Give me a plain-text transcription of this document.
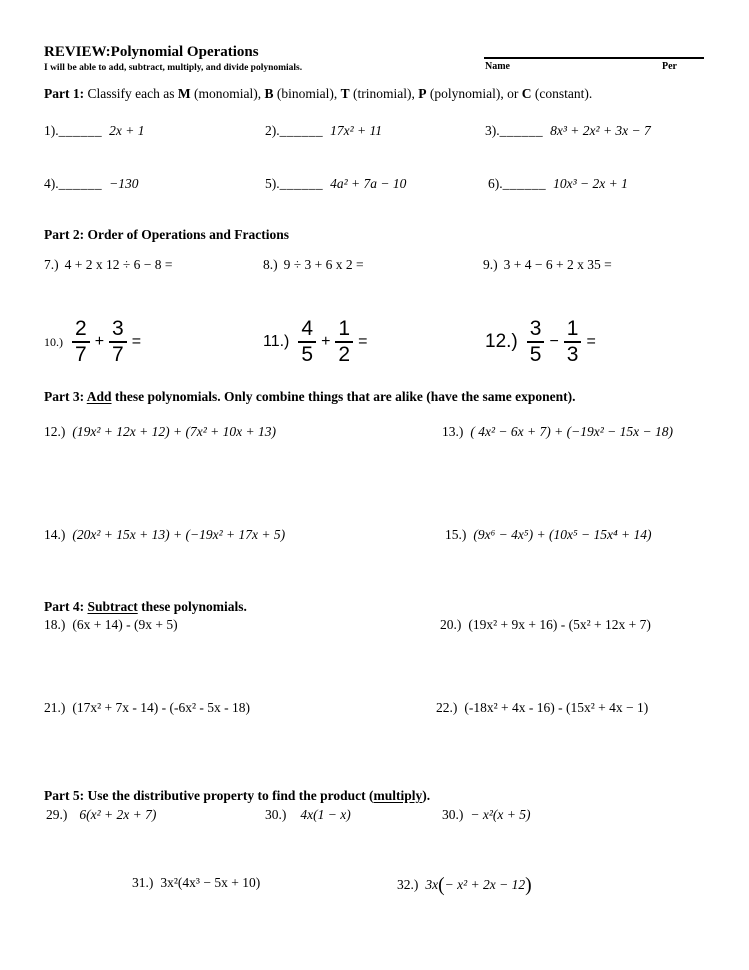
REVIEW:Polynomial Operations
I will be able to add, subtract, multiply, and divide polynomials.	Name	Per
Part 1: Classify each as M (monomial), B (binomial), T (trinomial), P (polynomial), or C (constant).
1).______ 2x + 1	2).______ 17x² + 11	3).______ 8x³ + 2x² + 3x − 7
4).______ −130	5).______ 4a² + 7a − 10	6).______ 10x³ − 2x + 1
Part 2: Order of Operations and Fractions
7.) 4 + 2 x 12 ÷ 6 − 8 =	8.) 9 ÷ 3 + 6 x 2 =	9.) 3 + 4 − 6 + 2 x 35 =
$10.) \frac{2}{7} + \frac{3}{7}$ =	$11.) \frac{4}{5} + \frac{1}{2}$ =	$12.) \frac{3}{5} - \frac{1}{3}$ =
Part 3: Add these polynomials. Only combine things that are alike (have the same exponent).
12.) (19x² + 12x + 12) + (7x² + 10x + 13)	13.) ( 4x² − 6x + 7) + (−19x² − 15x − 18)
14.) (20x² + 15x + 13) + (−19x² + 17x + 5)	15.) (9x⁶ − 4x⁵) + (10x⁵ − 15x⁴ + 14)
Part 4: Subtract these polynomials.
18.) (6x + 14) - (9x + 5)	20.) (19x² + 9x + 16) - (5x² + 12x + 7)
21.) (17x² + 7x - 14) - (-6x² - 5x - 18)	22.) (-18x² + 4x - 16) - (15x² + 4x − 1)
Part 5: Use the distributive property to find the product (multiply).
29.) 6(x² + 2x + 7)	30.) 4x(1 − x)	30.) − x²(x + 5)
31.) 3x²(4x³ − 5x + 10)	32.) 3x(− x² + 2x − 12)
